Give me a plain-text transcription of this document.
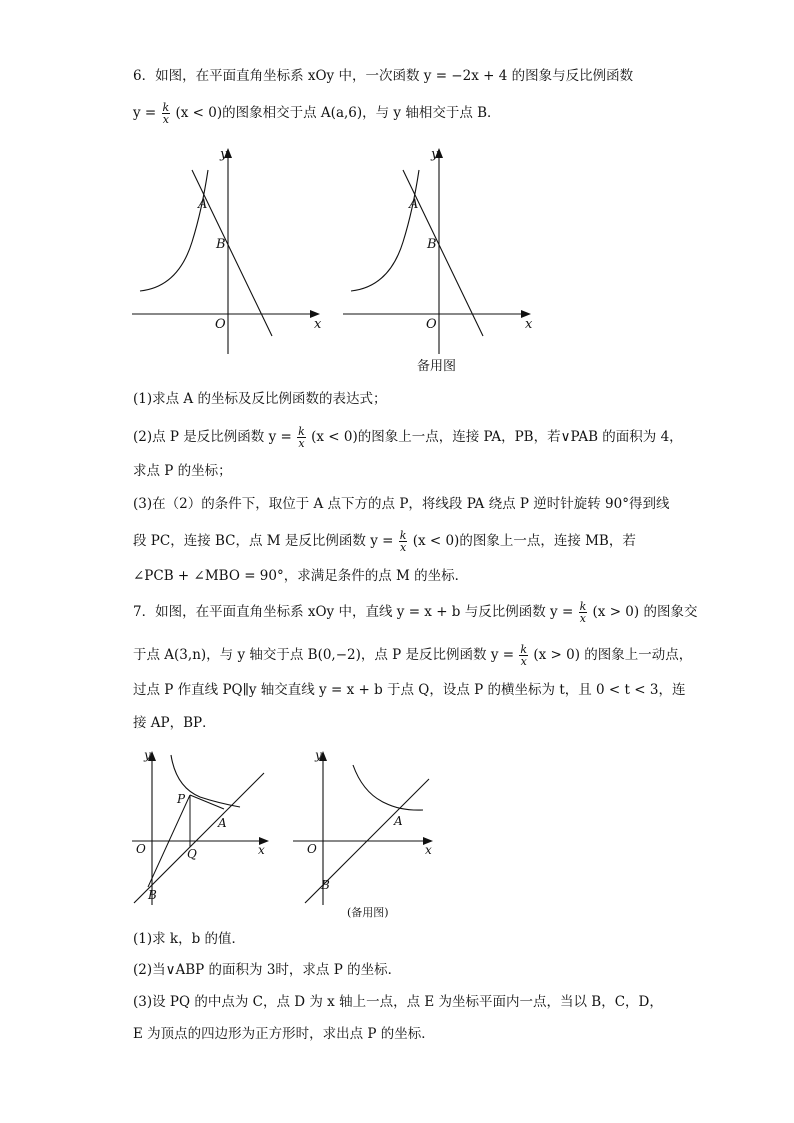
6．如图，在平面直角坐标系 xOy 中，一次函数 y = −2x + 4 的图象与反比例函数
$y = \frac{k}{x} (x < 0)$的图象相交于点 A(a,6)，与 y 轴相交于点 B．
y
x
O
A
B
y
x
O
A
B
备用图
(1)求点 A 的坐标及反比例函数的表达式；
(2)点 P 是反比例函数 $y = \frac{k}{x} (x < 0)$的图象上一点，连接 PA，PB，若∨PAB 的面积为 4，
求点 P 的坐标；
(3)在（2）的条件下，取位于 A 点下方的点 P，将线段 PA 绕点 P 逆时针旋转 90°得到线
段 PC，连接 BC，点 M 是反比例函数 $y = \frac{k}{x} (x < 0)$的图象上一点，连接 MB，若
∠PCB + ∠MBO = 90°，求满足条件的点 M 的坐标．
7．如图，在平面直角坐标系 xOy 中，直线 y = x + b 与反比例函数 $y = \frac{k}{x} (x > 0)$ 的图象交
于点 A(3,n)，与 y 轴交于点 B(0,−2)，点 P 是反比例函数 $y = \frac{k}{x} (x > 0)$ 的图象上一动点，
过点 P 作直线 PQ∥y 轴交直线 y = x + b 于点 Q，设点 P 的横坐标为 t，且 0 < t < 3，连
接 AP，BP．
y
x
O
A
B
P
Q
y
x
O
A
B
(备用图)
(1)求 k，b 的值．
(2)当∨ABP 的面积为 3时，求点 P 的坐标．
(3)设 PQ 的中点为 C，点 D 为 x 轴上一点，点 E 为坐标平面内一点，当以 B，C，D，
E 为顶点的四边形为正方形时，求出点 P 的坐标．
